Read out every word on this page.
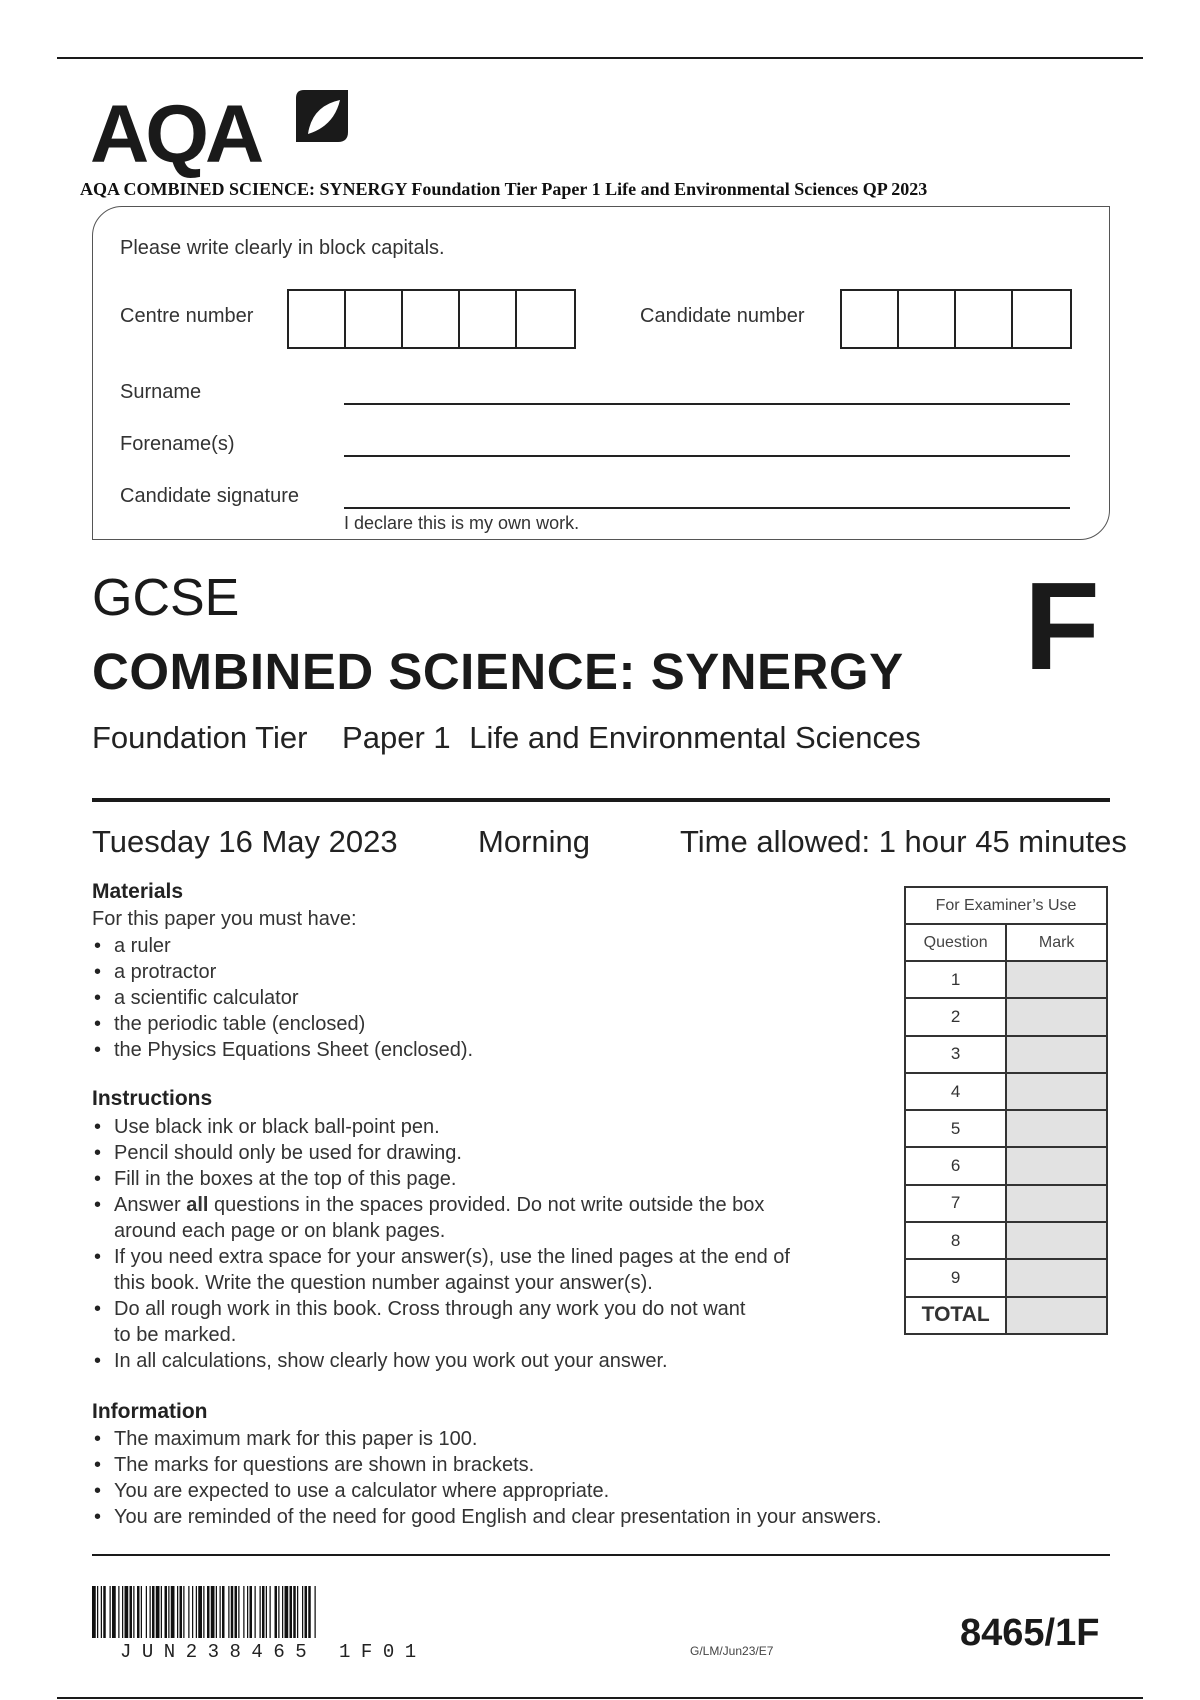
AQA
AQA COMBINED SCIENCE: SYNERGY Foundation Tier Paper 1 Life and Environmental Sciences QP 2023
Please write clearly in block capitals.
Centre number	Candidate number
Surname
Forename(s)
Candidate signature
I declare this is my own work.
GCSE
COMBINED SCIENCE: SYNERGY
Foundation Tier Paper 1 Life and Environmental Sciences
F
Tuesday 16 May 2023	Morning	Time allowed: 1 hour 45 minutes
Materials
For this paper you must have:
• a ruler
• a protractor
• a scientific calculator
• the periodic table (enclosed)
• the Physics Equations Sheet (enclosed).
Instructions
• Use black ink or black ball-point pen.
• Pencil should only be used for drawing.
• Fill in the boxes at the top of this page.
• Answer all questions in the spaces provided. Do not write outside the box
around each page or on blank pages.
• If you need extra space for your answer(s), use the lined pages at the end of
this book. Write the question number against your answer(s).
• Do all rough work in this book. Cross through any work you do not want
to be marked.
• In all calculations, show clearly how you work out your answer.
Information
• The maximum mark for this paper is 100.
• The marks for questions are shown in brackets.
• You are expected to use a calculator where appropriate.
• You are reminded of the need for good English and clear presentation in your answers.
For Examiner’s Use	
Question	Mark
1	
2	
3	
4	
5	
6	
7	
8	
9	
TOTAL	
JUN238465 1F01	G/LM/Jun23/E7	8465/1F
